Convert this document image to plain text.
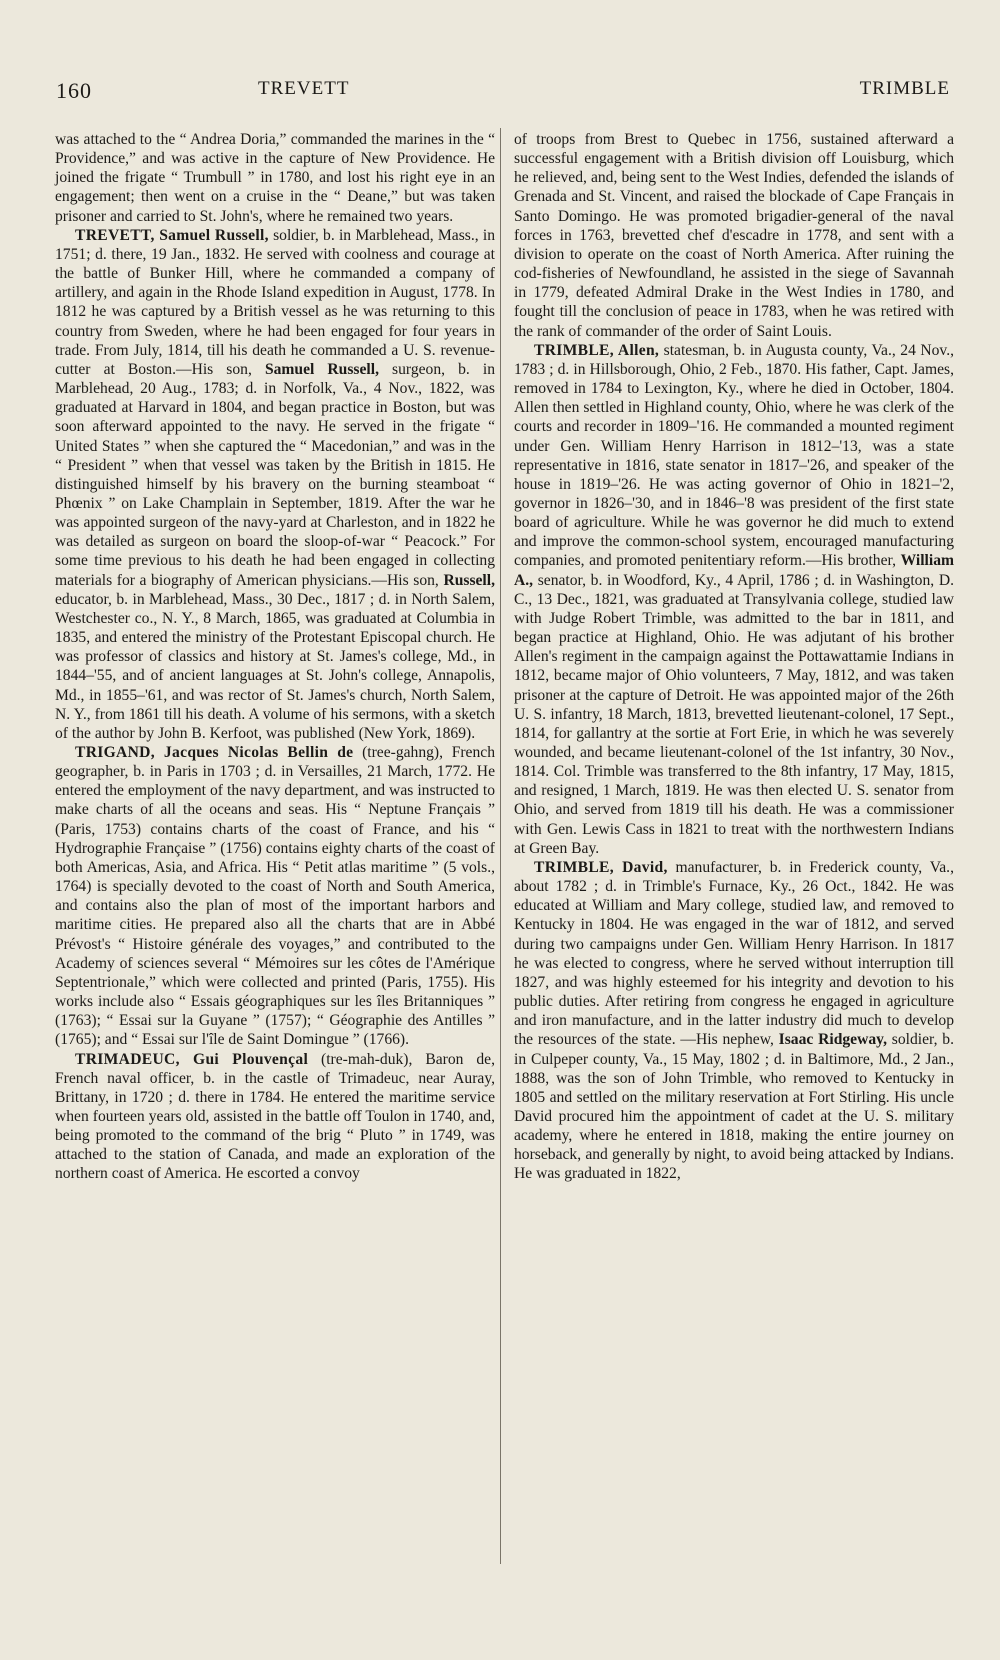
160	TREVETT	TRIMBLE

was attached to the “ Andrea Doria,” commanded the marines in the “ Providence,” and was active in the capture of New Providence. He joined the frigate “ Trumbull ” in 1780, and lost his right eye in an engagement; then went on a cruise in the “ Deane,” but was taken prisoner and carried to St. John's, where he remained two years.

TREVETT, Samuel Russell, soldier, b. in Marblehead, Mass., in 1751; d. there, 19 Jan., 1832. He served with coolness and courage at the battle of Bunker Hill, where he commanded a company of artillery, and again in the Rhode Island expedition in August, 1778. In 1812 he was captured by a British vessel as he was returning to this country from Sweden, where he had been engaged for four years in trade. From July, 1814, till his death he commanded a U. S. revenue-cutter at Boston.—His son, Samuel Russell, surgeon, b. in Marblehead, 20 Aug., 1783; d. in Norfolk, Va., 4 Nov., 1822, was graduated at Harvard in 1804, and began practice in Boston, but was soon afterward appointed to the navy. He served in the frigate “ United States ” when she captured the “ Macedonian,” and was in the “ President ” when that vessel was taken by the British in 1815. He distinguished himself by his bravery on the burning steamboat “ Phœnix ” on Lake Champlain in September, 1819. After the war he was appointed surgeon of the navy-yard at Charleston, and in 1822 he was detailed as surgeon on board the sloop-of-war “ Peacock.” For some time previous to his death he had been engaged in collecting materials for a biography of American physicians.—His son, Russell, educator, b. in Marblehead, Mass., 30 Dec., 1817 ; d. in North Salem, Westchester co., N. Y., 8 March, 1865, was graduated at Columbia in 1835, and entered the ministry of the Protestant Episcopal church. He was professor of classics and history at St. James's college, Md., in 1844–'55, and of ancient languages at St. John's college, Annapolis, Md., in 1855–'61, and was rector of St. James's church, North Salem, N. Y., from 1861 till his death. A volume of his sermons, with a sketch of the author by John B. Kerfoot, was published (New York, 1869).

TRIGAND, Jacques Nicolas Bellin de (tree-gahng), French geographer, b. in Paris in 1703 ; d. in Versailles, 21 March, 1772. He entered the employment of the navy department, and was instructed to make charts of all the oceans and seas. His “ Neptune Français ” (Paris, 1753) contains charts of the coast of France, and his “ Hydrographie Française ” (1756) contains eighty charts of the coast of both Americas, Asia, and Africa. His “ Petit atlas maritime ” (5 vols., 1764) is specially devoted to the coast of North and South America, and contains also the plan of most of the important harbors and maritime cities. He prepared also all the charts that are in Abbé Prévost's “ Histoire générale des voyages,” and contributed to the Academy of sciences several “ Mémoires sur les côtes de l'Amérique Septentrionale,” which were collected and printed (Paris, 1755). His works include also “ Essais géographiques sur les îles Britanniques ” (1763); “ Essai sur la Guyane ” (1757); “ Géographie des Antilles ” (1765); and “ Essai sur l'île de Saint Domingue ” (1766).

TRIMADEUC, Gui Plouvençal (tre-mah-duk), Baron de, French naval officer, b. in the castle of Trimadeuc, near Auray, Brittany, in 1720 ; d. there in 1784. He entered the maritime service when fourteen years old, assisted in the battle off Toulon in 1740, and, being promoted to the command of the brig “ Pluto ” in 1749, was attached to the station of Canada, and made an exploration of the northern coast of America. He escorted a convoy

of troops from Brest to Quebec in 1756, sustained afterward a successful engagement with a British division off Louisburg, which he relieved, and, being sent to the West Indies, defended the islands of Grenada and St. Vincent, and raised the blockade of Cape Français in Santo Domingo. He was promoted brigadier-general of the naval forces in 1763, brevetted chef d'escadre in 1778, and sent with a division to operate on the coast of North America. After ruining the cod-fisheries of Newfoundland, he assisted in the siege of Savannah in 1779, defeated Admiral Drake in the West Indies in 1780, and fought till the conclusion of peace in 1783, when he was retired with the rank of commander of the order of Saint Louis.

TRIMBLE, Allen, statesman, b. in Augusta county, Va., 24 Nov., 1783 ; d. in Hillsborough, Ohio, 2 Feb., 1870. His father, Capt. James, removed in 1784 to Lexington, Ky., where he died in October, 1804. Allen then settled in Highland county, Ohio, where he was clerk of the courts and recorder in 1809–'16. He commanded a mounted regiment under Gen. William Henry Harrison in 1812–'13, was a state representative in 1816, state senator in 1817–'26, and speaker of the house in 1819–'26. He was acting governor of Ohio in 1821–'2, governor in 1826–'30, and in 1846–'8 was president of the first state board of agriculture. While he was governor he did much to extend and improve the common-school system, encouraged manufacturing companies, and promoted penitentiary reform.—His brother, William A., senator, b. in Woodford, Ky., 4 April, 1786 ; d. in Washington, D. C., 13 Dec., 1821, was graduated at Transylvania college, studied law with Judge Robert Trimble, was admitted to the bar in 1811, and began practice at Highland, Ohio. He was adjutant of his brother Allen's regiment in the campaign against the Pottawattamie Indians in 1812, became major of Ohio volunteers, 7 May, 1812, and was taken prisoner at the capture of Detroit. He was appointed major of the 26th U. S. infantry, 18 March, 1813, brevetted lieutenant-colonel, 17 Sept., 1814, for gallantry at the sortie at Fort Erie, in which he was severely wounded, and became lieutenant-colonel of the 1st infantry, 30 Nov., 1814. Col. Trimble was transferred to the 8th infantry, 17 May, 1815, and resigned, 1 March, 1819. He was then elected U. S. senator from Ohio, and served from 1819 till his death. He was a commissioner with Gen. Lewis Cass in 1821 to treat with the northwestern Indians at Green Bay.

TRIMBLE, David, manufacturer, b. in Frederick county, Va., about 1782 ; d. in Trimble's Furnace, Ky., 26 Oct., 1842. He was educated at William and Mary college, studied law, and removed to Kentucky in 1804. He was engaged in the war of 1812, and served during two campaigns under Gen. William Henry Harrison. In 1817 he was elected to congress, where he served without interruption till 1827, and was highly esteemed for his integrity and devotion to his public duties. After retiring from congress he engaged in agriculture and iron manufacture, and in the latter industry did much to develop the resources of the state. —His nephew, Isaac Ridgeway, soldier, b. in Culpeper county, Va., 15 May, 1802 ; d. in Baltimore, Md., 2 Jan., 1888, was the son of John Trimble, who removed to Kentucky in 1805 and settled on the military reservation at Fort Stirling. His uncle David procured him the appointment of cadet at the U. S. military academy, where he entered in 1818, making the entire journey on horseback, and generally by night, to avoid being attacked by Indians. He was graduated in 1822,
